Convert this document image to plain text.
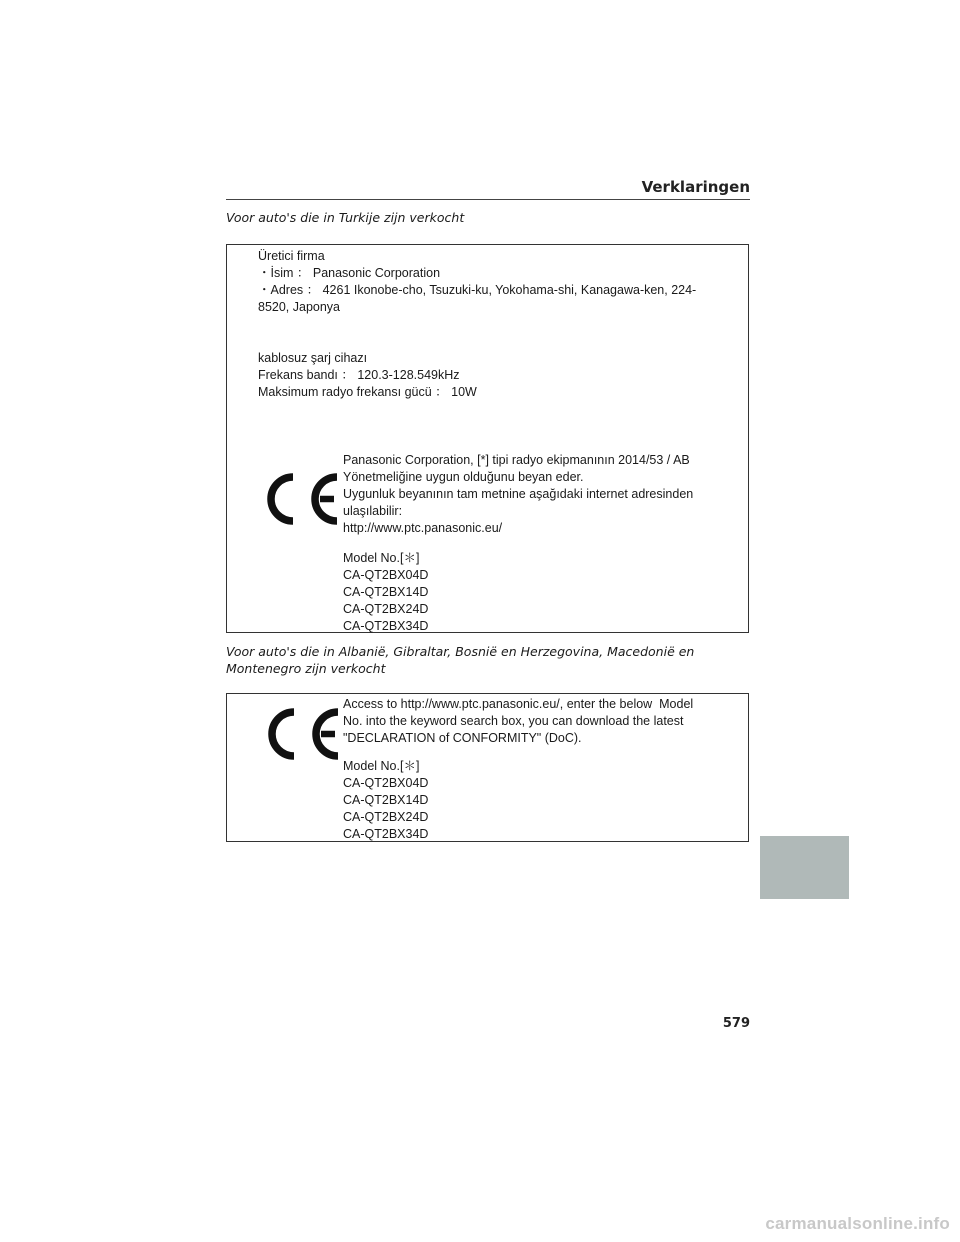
Verklaringen
Voor auto's die in Turkije zijn verkocht
Üretici firma
・İsim ： Panasonic Corporation
・Adres ： 4261 Ikonobe-cho, Tsuzuki-ku, Yokohama-shi, Kanagawa-ken, 224-
8520, Japonya
kablosuz şarj cihazı
Frekans bandı ： 120.3-128.549kHz
Maksimum radyo frekansı gücü ： 10W
Panasonic Corporation, [*] tipi radyo ekipmanının 2014/53 / AB
Yönetmeliğine uygun olduğunu beyan eder.
Uygunluk beyanının tam metnine aşağıdaki internet adresinden
ulaşılabilir:
http://www.ptc.panasonic.eu/
Model No.[＊]
CA-QT2BX04D
CA-QT2BX14D
CA-QT2BX24D
CA-QT2BX34D
Voor auto's die in Albanië, Gibraltar, Bosnië en Herzegovina, Macedonië en Montenegro zijn verkocht
Access to http://www.ptc.panasonic.eu/, enter the below  Model
No. into the keyword search box, you can download the latest
"DECLARATION of CONFORMITY" (DoC).
Model No.[＊]
CA-QT2BX04D
CA-QT2BX14D
CA-QT2BX24D
CA-QT2BX34D
579
carmanualsonline.info
